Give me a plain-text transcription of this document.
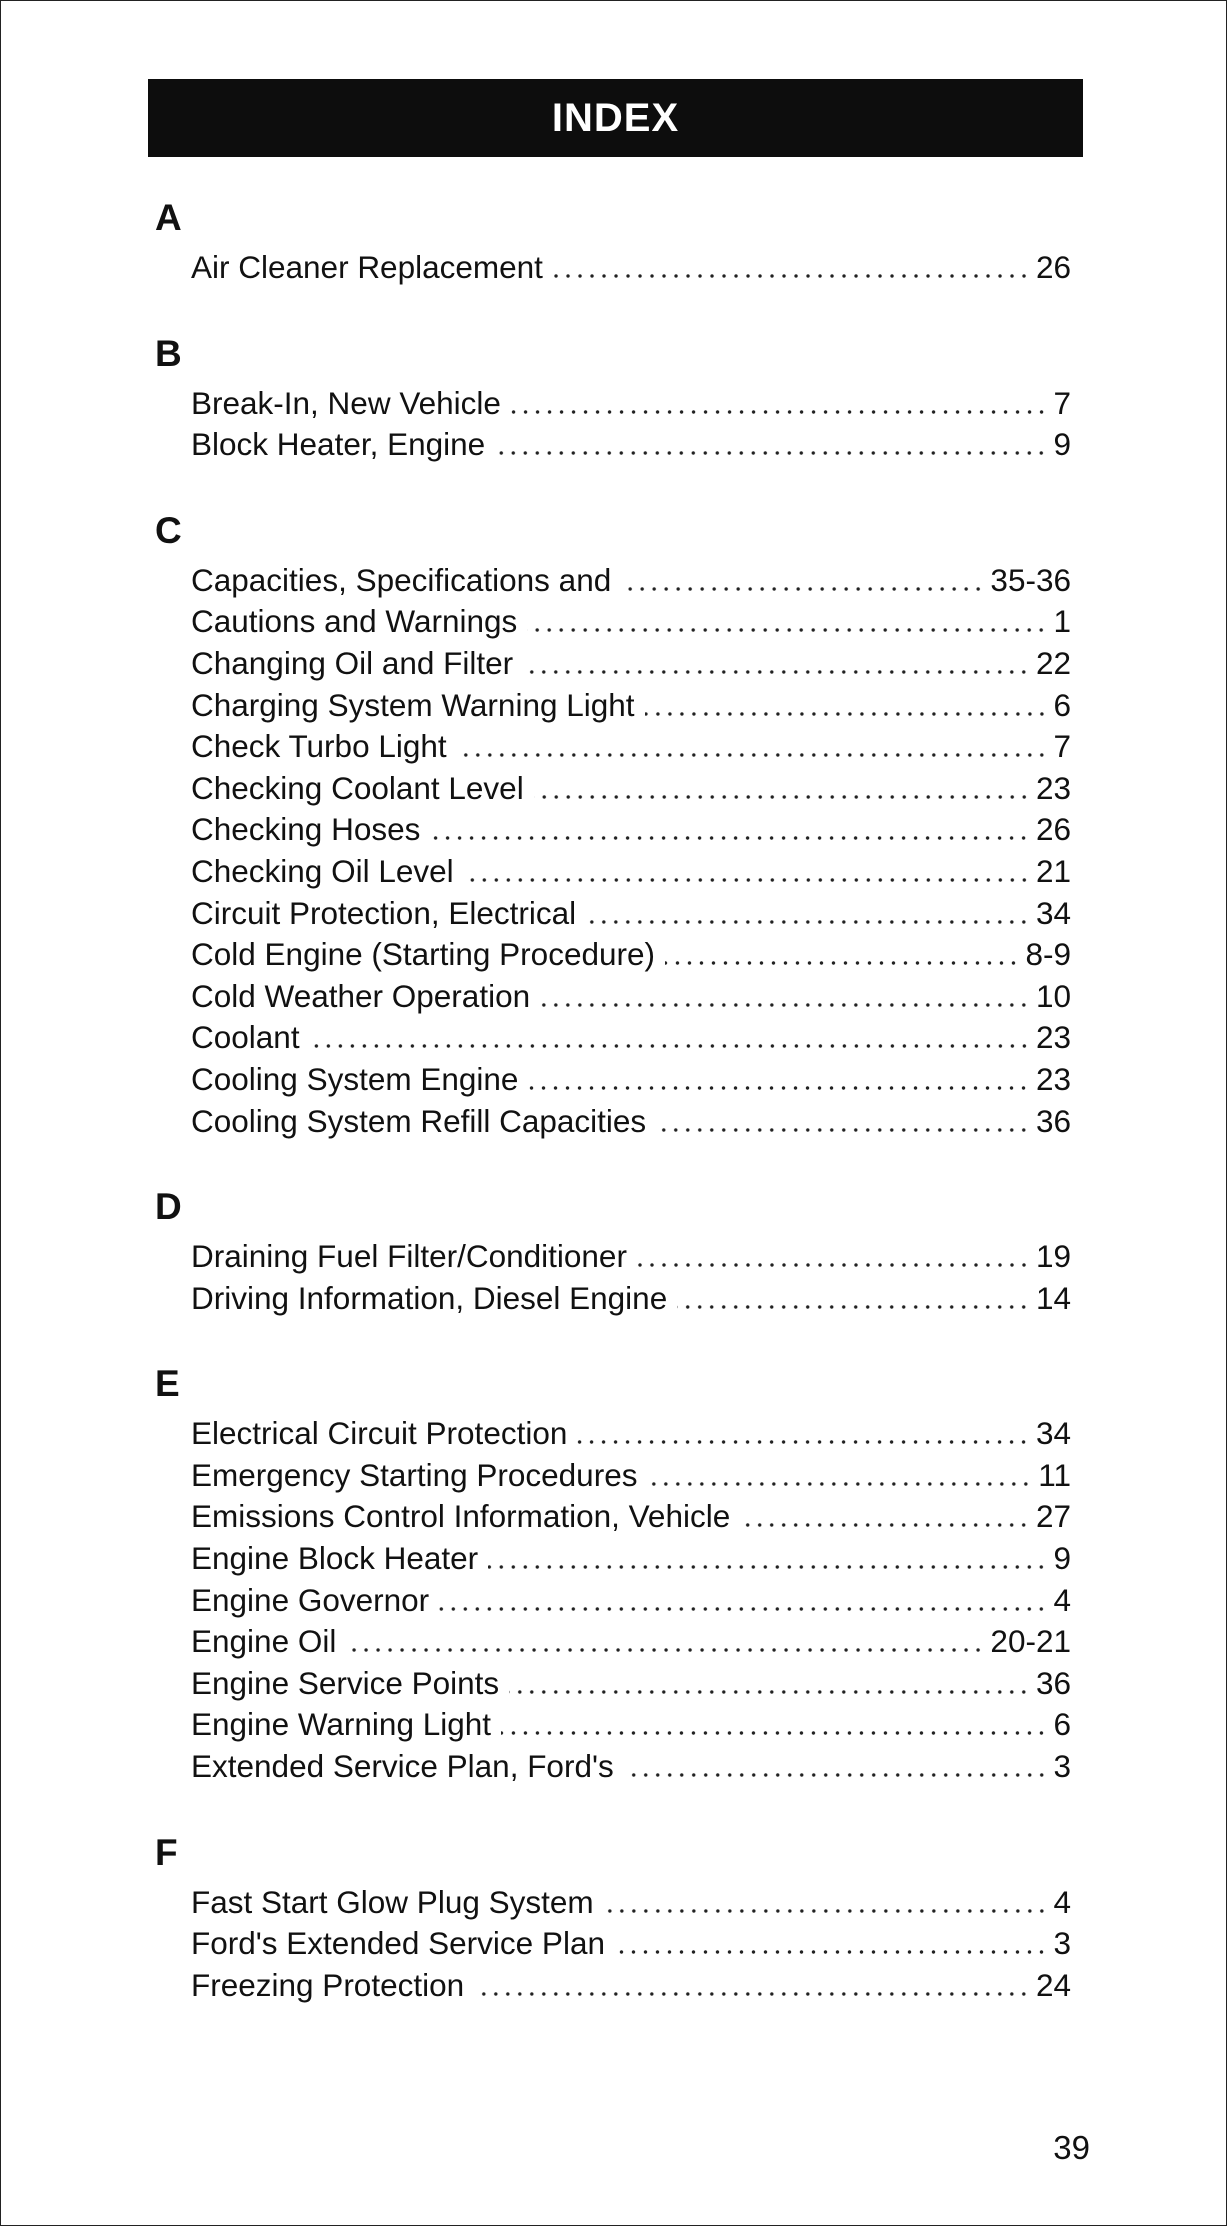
INDEX
A
Air Cleaner Replacement	26
B
Break-In, New Vehicle	7
Block Heater, Engine	9
C
Capacities, Specifications and	35-36
Cautions and Warnings	1
Changing Oil and Filter	22
Charging System Warning Light	6
Check Turbo Light	7
Checking Coolant Level	23
Checking Hoses	26
Checking Oil Level	21
Circuit Protection, Electrical	34
Cold Engine (Starting Procedure)	8-9
Cold Weather Operation	10
Coolant	23
Cooling System Engine	23
Cooling System Refill Capacities	36
D
Draining Fuel Filter/Conditioner	19
Driving Information, Diesel Engine	14
E
Electrical Circuit Protection	34
Emergency Starting Procedures	11
Emissions Control Information, Vehicle	27
Engine Block Heater	9
Engine Governor	4
Engine Oil	20-21
Engine Service Points	36
Engine Warning Light	6
Extended Service Plan, Ford's	3
F
Fast Start Glow Plug System	4
Ford's Extended Service Plan	3
Freezing Protection	24
39
